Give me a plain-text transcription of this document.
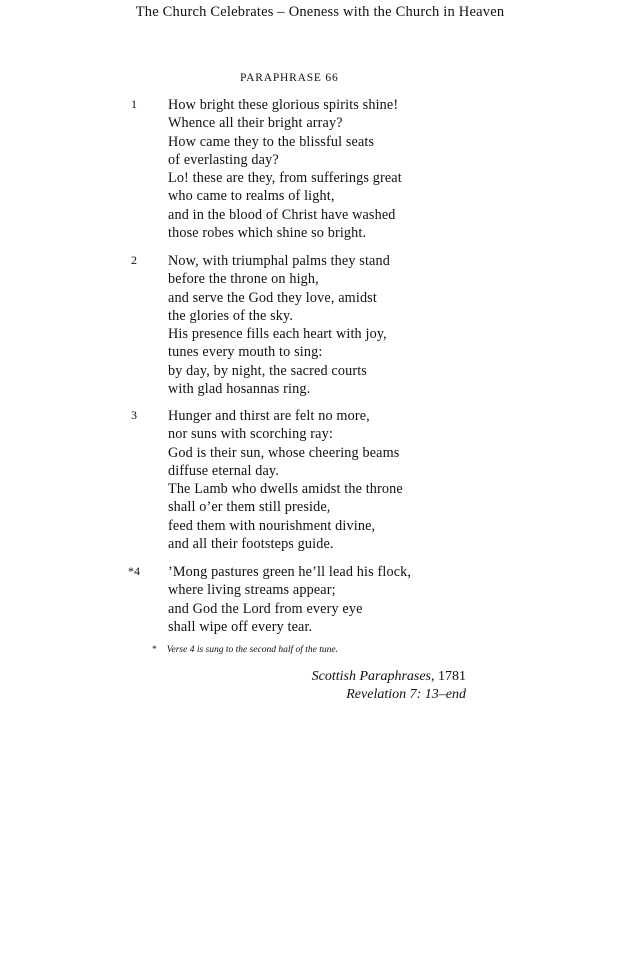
The Church Celebrates – Oneness with the Church in Heaven
PARAPHRASE 66
1	How bright these glorious spirits shine!
Whence all their bright array?
How came they to the blissful seats
of everlasting day?
Lo! these are they, from sufferings great
who came to realms of light,
and in the blood of Christ have washed
those robes which shine so bright.
2	Now, with triumphal palms they stand
before the throne on high,
and serve the God they love, amidst
the glories of the sky.
His presence fills each heart with joy,
tunes every mouth to sing:
by day, by night, the sacred courts
with glad hosannas ring.
3	Hunger and thirst are felt no more,
nor suns with scorching ray:
God is their sun, whose cheering beams
diffuse eternal day.
The Lamb who dwells amidst the throne
shall o’er them still preside,
feed them with nourishment divine,
and all their footsteps guide.
*4 ’Mong pastures green he’ll lead his flock,
where living streams appear;
and God the Lord from every eye
shall wipe off every tear.
* Verse 4 is sung to the second half of the tune.
Scottish Paraphrases, 1781
Revelation 7: 13–end
